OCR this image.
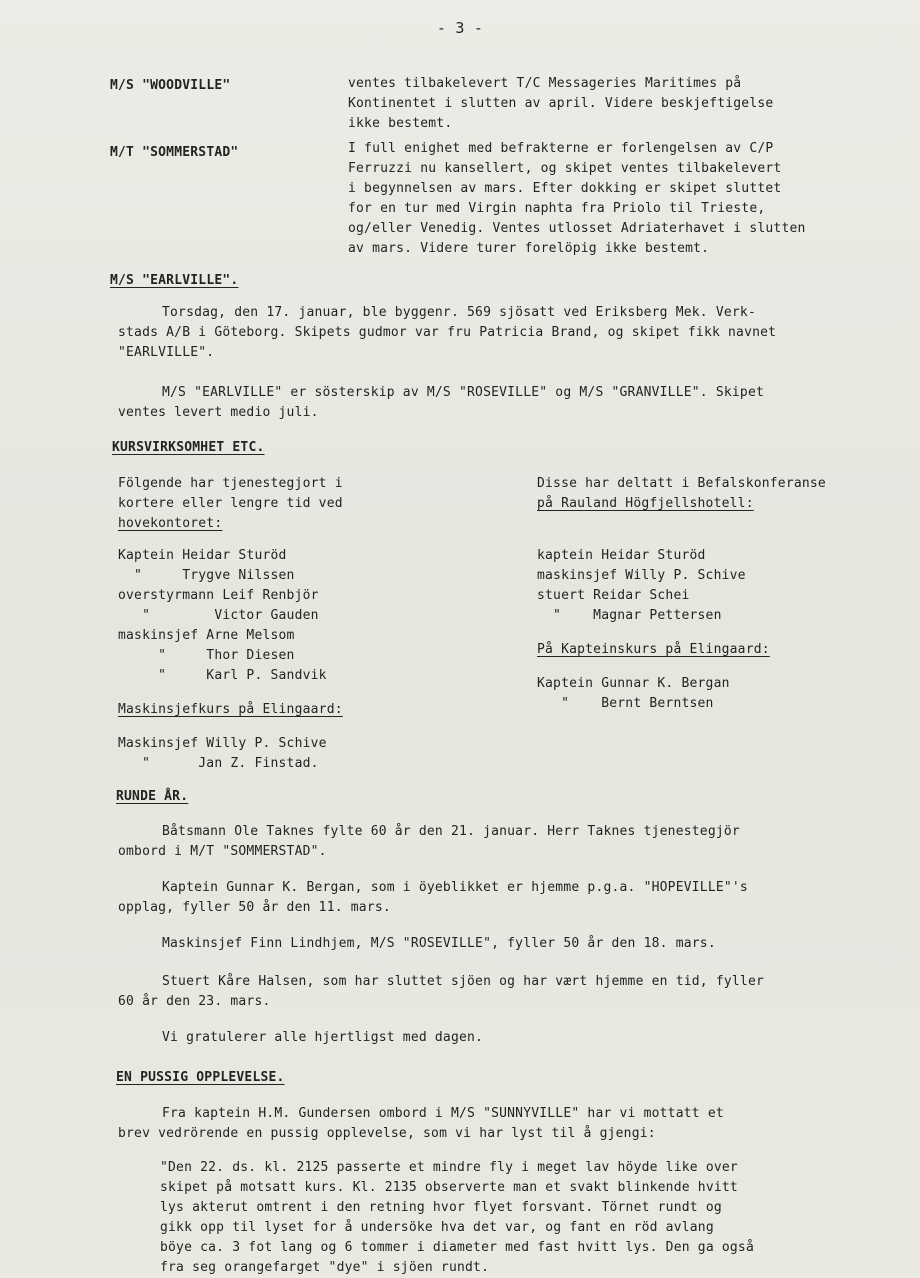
- 3 -
M/S "WOODVILLE"	ventes tilbakelevert T/C Messageries Maritimes på
Kontinentet i slutten av april. Videre beskjeftigelse
ikke bestemt.
M/T "SOMMERSTAD"	I full enighet med befrakterne er forlengelsen av C/P
Ferruzzi nu kansellert, og skipet ventes tilbakelevert
i begynnelsen av mars. Efter dokking er skipet sluttet
for en tur med Virgin naphta fra Priolo til Trieste,
og/eller Venedig. Ventes utlosset Adriaterhavet i slutten
av mars. Videre turer forelöpig ikke bestemt.
M/S "EARLVILLE".
Torsdag, den 17. januar, ble byggenr. 569 sjösatt ved Eriksberg Mek. Verk-
stads A/B i Göteborg. Skipets gudmor var fru Patricia Brand, og skipet fikk navnet
"EARLVILLE".
M/S "EARLVILLE" er sösterskip av M/S "ROSEVILLE" og M/S "GRANVILLE". Skipet
ventes levert medio juli.
KURSVIRKSOMHET ETC.
Fölgende har tjenestegjort i
kortere eller lengre tid ved
hovekontoret:
Kaptein Heidar Sturöd
"     Trygve Nilssen
overstyrmann Leif Renbjör
"        Victor Gauden
maskinsjef Arne Melsom
"     Thor Diesen
"     Karl P. Sandvik
Maskinsjefkurs på Elingaard:
Maskinsjef Willy P. Schive
"      Jan Z. Finstad.
Disse har deltatt i Befalskonferanse
på Rauland Högfjellshotell:
kaptein Heidar Sturöd
maskinsjef Willy P. Schive
stuert Reidar Schei
"    Magnar Pettersen
På Kapteinskurs på Elingaard:
Kaptein Gunnar K. Bergan
"    Bernt Berntsen
RUNDE ÅR.
Båtsmann Ole Taknes fylte 60 år den 21. januar. Herr Taknes tjenestegjör
ombord i M/T "SOMMERSTAD".
Kaptein Gunnar K. Bergan, som i öyeblikket er hjemme p.g.a. "HOPEVILLE"'s
opplag, fyller 50 år den 11. mars.
Maskinsjef Finn Lindhjem, M/S "ROSEVILLE", fyller 50 år den 18. mars.
Stuert Kåre Halsen, som har sluttet sjöen og har vært hjemme en tid, fyller
60 år den 23. mars.
Vi gratulerer alle hjertligst med dagen.
EN PUSSIG OPPLEVELSE.
Fra kaptein H.M. Gundersen ombord i M/S "SUNNYVILLE" har vi mottatt et
brev vedrörende en pussig opplevelse, som vi har lyst til å gjengi:
"Den 22. ds. kl. 2125 passerte et mindre fly i meget lav höyde like over
skipet på motsatt kurs. Kl. 2135 observerte man et svakt blinkende hvitt
lys akterut omtrent i den retning hvor flyet forsvant. Törnet rundt og
gikk opp til lyset for å undersöke hva det var, og fant en röd avlang
böye ca. 3 fot lang og 6 tommer i diameter med fast hvitt lys. Den ga også
fra seg orangefarget "dye" i sjöen rundt.
